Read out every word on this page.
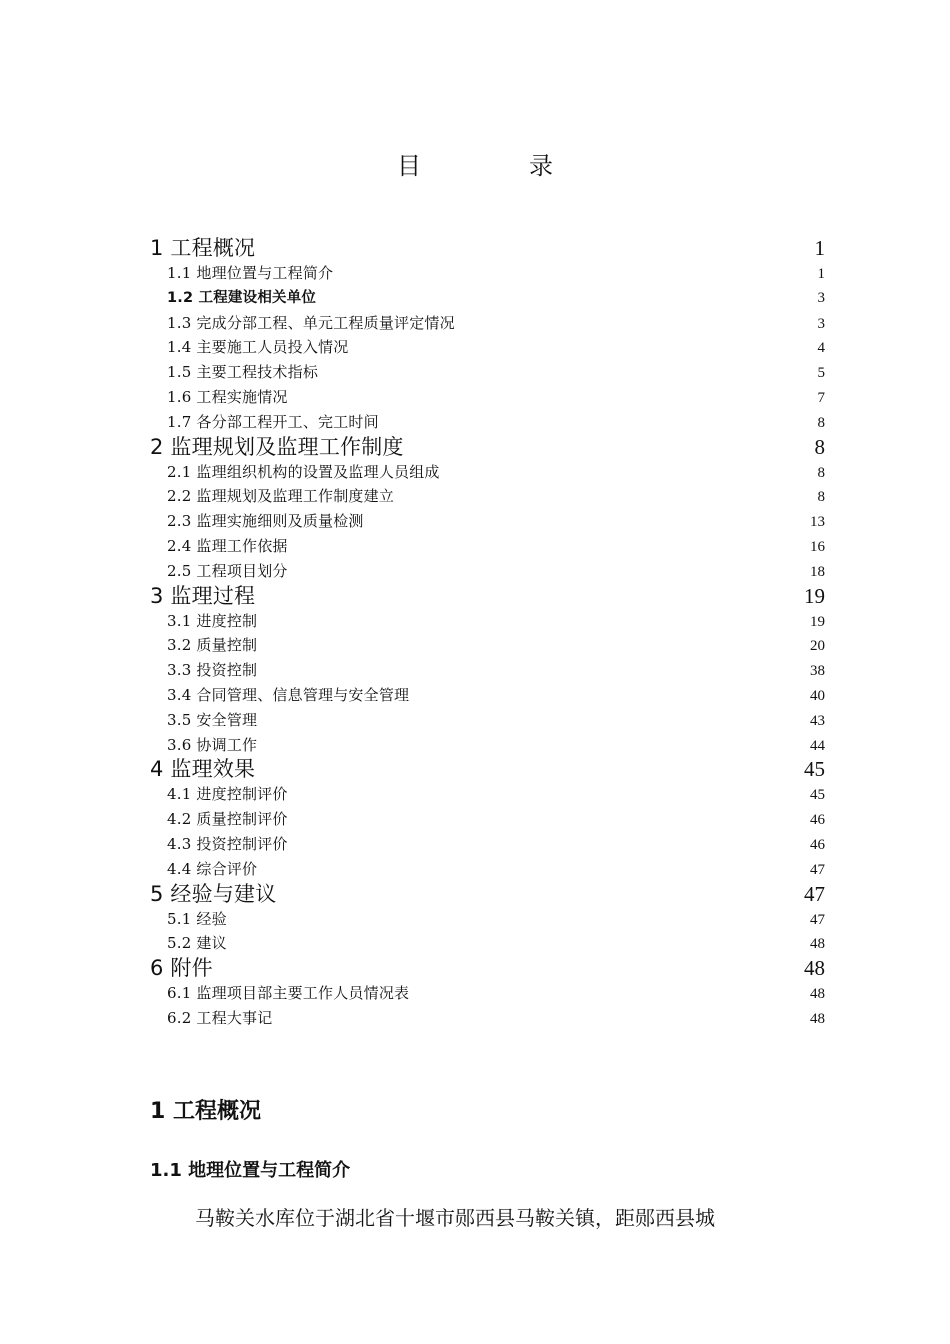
目　录
1 工程概况	1
1.1 地理位置与工程简介	1
1.2 工程建设相关单位	3
1.3 完成分部工程、单元工程质量评定情况	3
1.4 主要施工人员投入情况	4
1.5 主要工程技术指标	5
1.6 工程实施情况	7
1.7 各分部工程开工、完工时间	8
2 监理规划及监理工作制度	8
2.1 监理组织机构的设置及监理人员组成	8
2.2 监理规划及监理工作制度建立	8
2.3 监理实施细则及质量检测	13
2.4 监理工作依据	16
2.5 工程项目划分	18
3 监理过程	19
3.1 进度控制	19
3.2 质量控制	20
3.3 投资控制	38
3.4 合同管理、信息管理与安全管理	40
3.5 安全管理	43
3.6 协调工作	44
4 监理效果	45
4.1 进度控制评价	45
4.2 质量控制评价	46
4.3 投资控制评价	46
4.4 综合评价	47
5 经验与建议	47
5.1 经验	47
5.2 建议	48
6 附件	48
6.1 监理项目部主要工作人员情况表	48
6.2 工程大事记	48
1 工程概况
1.1 地理位置与工程简介
马鞍关水库位于湖北省十堰市郧西县马鞍关镇，距郧西县城
